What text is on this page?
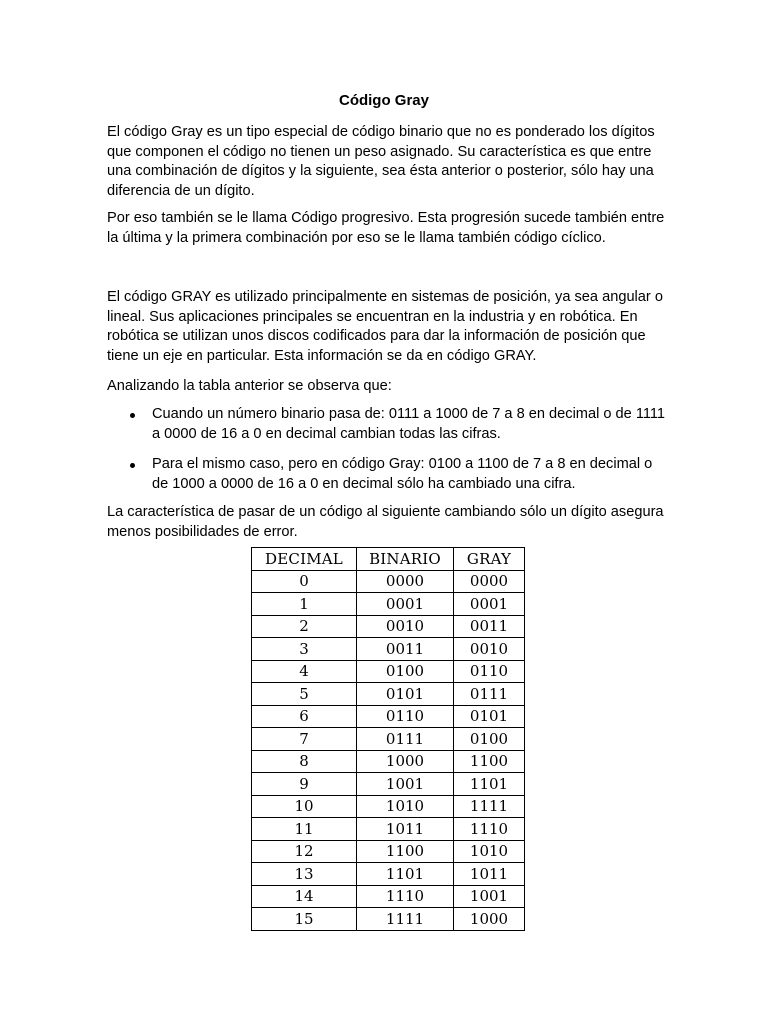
Código Gray

El código Gray es un tipo especial de código binario que no es ponderado los dígitos que componen el código no tienen un peso asignado. Su característica es que entre una combinación de dígitos y la siguiente, sea ésta anterior o posterior, sólo hay una diferencia de un dígito.

Por eso también se le llama Código progresivo. Esta progresión sucede también entre la última y la primera combinación por eso se le llama también código cíclico.

El código GRAY es utilizado principalmente en sistemas de posición, ya sea angular o lineal. Sus aplicaciones principales se encuentran en la industria y en robótica. En robótica se utilizan unos discos codificados para dar la información de posición que tiene un eje en particular. Esta información se da en código GRAY.

Analizando la tabla anterior se observa que:

Cuando un número binario pasa de: 0111 a 1000 de 7 a 8 en decimal o de 1111 a 0000 de 16 a 0 en decimal cambian todas las cifras.
Para el mismo caso, pero en código Gray: 0100 a 1100 de 7 a 8 en decimal o de 1000 a 0000 de 16 a 0 en decimal sólo ha cambiado una cifra.

La característica de pasar de un código al siguiente cambiando sólo un dígito asegura menos posibilidades de error.

DECIMAL	BINARIO	GRAY
0	0000	0000
1	0001	0001
2	0010	0011
3	0011	0010
4	0100	0110
5	0101	0111
6	0110	0101
7	0111	0100
8	1000	1100
9	1001	1101
10	1010	1111
11	1011	1110
12	1100	1010
13	1101	1011
14	1110	1001
15	1111	1000
